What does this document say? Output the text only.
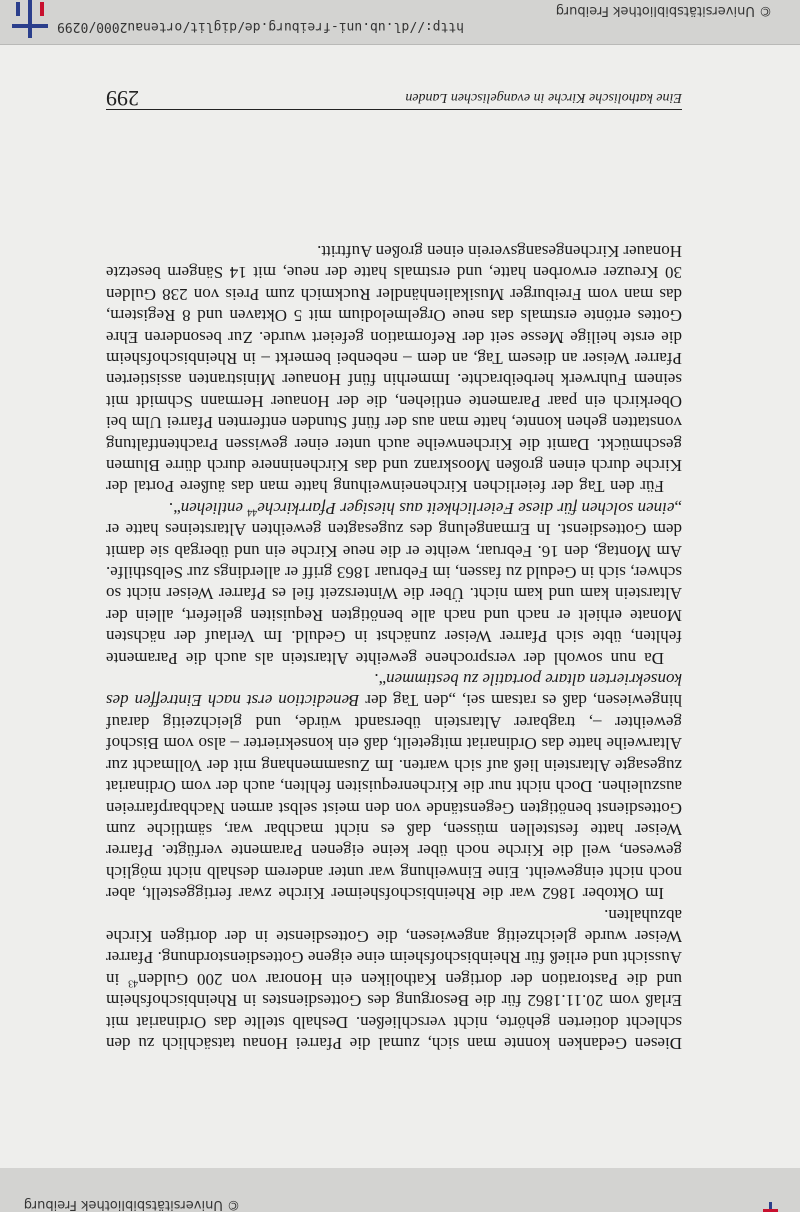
© Universitätsbibliothek Freiburg
Eine katholische Kirche in evangelischen Landen
299

Diesen Gedanken konnte man sich, zumal die Pfarrei Honau tatsächlich zu den schlecht dotierten gehörte, nicht verschließen. Deshalb stellte das Ordinariat mit Erlaß vom 20.11.1862 für die Besorgung des Gottesdienstes in Rheinbischofsheim und die Pastoration der dortigen Katholiken ein Honorar von 200 Gulden$^{43}$ in Aussicht und erließ für Rheinbischofsheim eine eigene Gottesdienstordnung. Pfarrer Weiser wurde gleichzeitig angewiesen, die Gottesdienste in der dortigen Kirche abzuhalten.

Im Oktober 1862 war die Rheinbischofsheimer Kirche zwar fertiggestellt, aber noch nicht eingeweiht. Eine Einweihung war unter anderem deshalb nicht möglich gewesen, weil die Kirche noch über keine eigenen Paramente verfügte. Pfarrer Weiser hatte feststellen müssen, daß es nicht machbar war, sämtliche zum Gottesdienst benötigten Gegenstände von den meist selbst armen Nachbarpfarreien auszuleihen. Doch nicht nur die Kirchenrequisiten fehlten, auch der vom Ordinariat zugesagte Altarstein ließ auf sich warten. Im Zusammenhang mit der Vollmacht zur Altarweihe hatte das Ordinariat mitgeteilt, daß ein konsekrierter – also vom Bischof geweihter –, tragbarer Altarstein übersandt würde, und gleichzeitig darauf hingewiesen, daß es ratsam sei, „den Tag der Benediction erst nach Eintreffen des konsekrierten altare portatile zu bestimmen“.

Da nun sowohl der versprochene geweihte Altarstein als auch die Paramente fehlten, übte sich Pfarrer Weiser zunächst in Geduld. Im Verlauf der nächsten Monate erhielt er nach und nach alle benötigten Requisiten geliefert, allein der Altarstein kam und kam nicht. Über die Winterszeit fiel es Pfarrer Weiser nicht so schwer, sich in Geduld zu fassen, im Februar 1863 griff er allerdings zur Selbsthilfe. Am Montag, den 16. Februar, weihte er die neue Kirche ein und übergab sie damit dem Gottesdienst. In Ermangelung des zugesagten geweihten Altarsteines hatte er „einen solchen für diese Feierlichkeit aus hiesiger Pfarrkirche$^{44}$ entliehen“.

Für den Tag der feierlichen Kircheneinweihung hatte man das äußere Portal der Kirche durch einen großen Mooskranz und das Kircheninnere durch dürre Blumen geschmückt. Damit die Kirchenweihe auch unter einer gewissen Prachtentfaltung vonstatten gehen konnte, hatte man aus der fünf Stunden entfernten Pfarrei Ulm bei Oberkirch ein paar Paramente entliehen, die der Honauer Hermann Schmidt mit seinem Fuhrwerk herbeibrachte. Immerhin fünf Honauer Ministranten assistierten Pfarrer Weiser an diesem Tag, an dem – nebenbei bemerkt – in Rheinbischofsheim die erste heilige Messe seit der Reformation gefeiert wurde. Zur besonderen Ehre Gottes ertönte erstmals das neue Orgelmelodium mit 5 Oktaven und 8 Registern, das man vom Freiburger Musikalienhändler Ruckmich zum Preis von 238 Gulden 30 Kreuzer erworben hatte, und erstmals hatte der neue, mit 14 Sängern besetzte Honauer Kirchengesangsverein einen großen Auftritt.

http://dl.ub.uni-freiburg.de/diglit/ortenau2000/0299
© Universitätsbibliothek Freiburg
